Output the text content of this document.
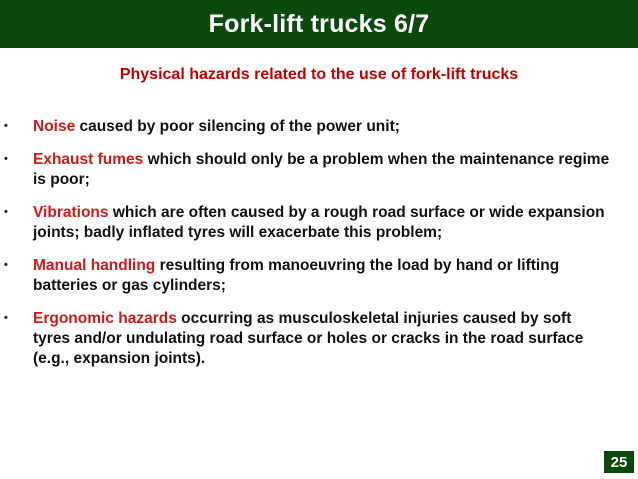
Fork-lift trucks 6/7
Physical hazards related to the use of fork-lift trucks
• Noise caused by poor silencing of the power unit;
• Exhaust fumes which should only be a problem when the maintenance regime is poor;
• Vibrations which are often caused by a rough road surface or wide expansion joints; badly inflated tyres will exacerbate this problem;
• Manual handling resulting from manoeuvring the load by hand or lifting batteries or gas cylinders;
• Ergonomic hazards occurring as musculoskeletal injuries caused by soft tyres and/or undulating road surface or holes or cracks in the road surface (e.g., expansion joints).
25
